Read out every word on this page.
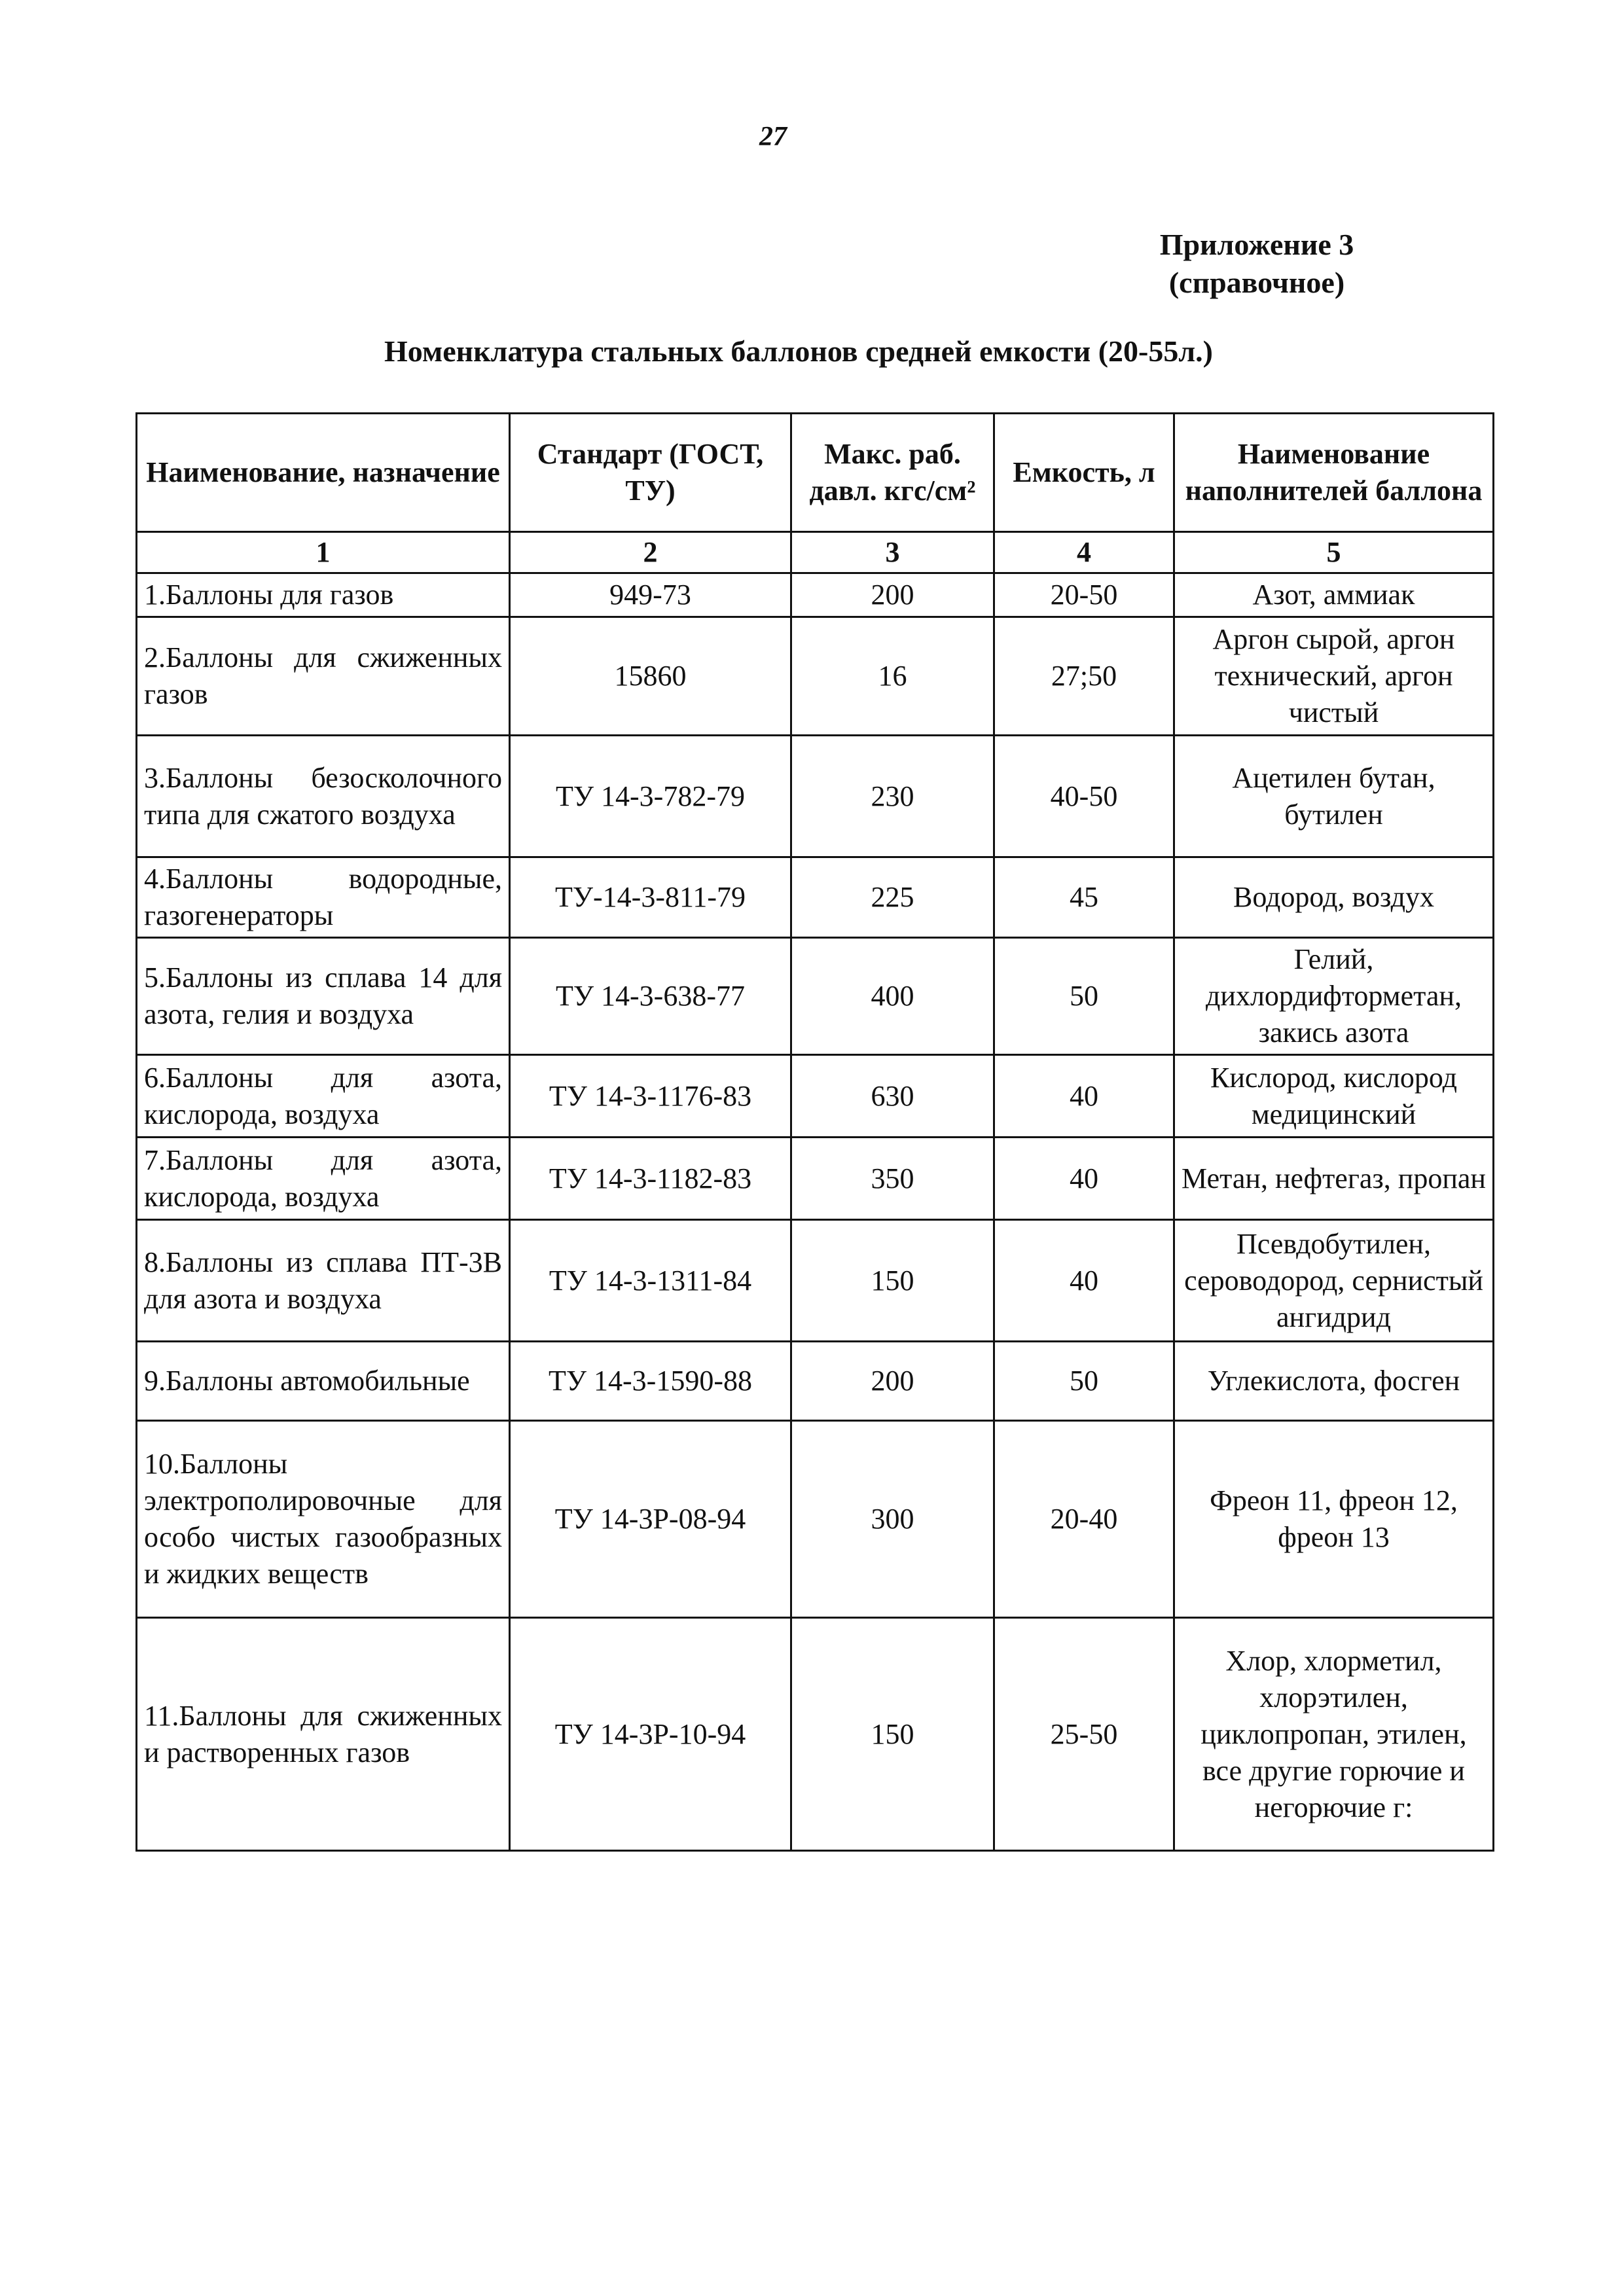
27
Приложение 3
(справочное)
Номенклатура стальных баллонов средней емкости (20-55л.)
Наименование, назначение	Стандарт (ГОСТ, ТУ)	Макс. раб. давл. кгс/см²	Емкость, л	Наименование наполнителей баллона
1	2	3	4	5
1.Баллоны для газов	949-73	200	20-50	Азот, аммиак
2.Баллоны для сжиженных газов	15860	16	27;50	Аргон сырой, аргон технический, аргон чистый
3.Баллоны безосколочного типа для сжатого воздуха	ТУ 14-3-782-79	230	40-50	Ацетилен бутан, бутилен
4.Баллоны водородные, газогенераторы	ТУ-14-3-811-79	225	45	Водород, воздух
5.Баллоны из сплава 14 для азота, гелия и воздуха	ТУ 14-3-638-77	400	50	Гелий, дихлордифторметан, закись азота
6.Баллоны для азота, кислорода, воздуха	ТУ 14-3-1176-83	630	40	Кислород, кислород медицинский
7.Баллоны для азота, кислорода, воздуха	ТУ 14-3-1182-83	350	40	Метан, нефтегаз, пропан
8.Баллоны из сплава ПТ-3В для азота и воздуха	ТУ 14-3-1311-84	150	40	Псевдобутилен, сероводород, сернистый ангидрид
9.Баллоны автомобильные	ТУ 14-3-1590-88	200	50	Углекислота, фосген
10.Баллоны электрополировочные для особо чистых газообразных и жидких веществ	ТУ 14-3Р-08-94	300	20-40	Фреон 11, фреон 12, фреон 13
11.Баллоны для сжиженных и растворенных газов	ТУ 14-3Р-10-94	150	25-50	Хлор, хлорметил, хлорэтилен, циклопропан, этилен, все другие горючие и негорючие г:
